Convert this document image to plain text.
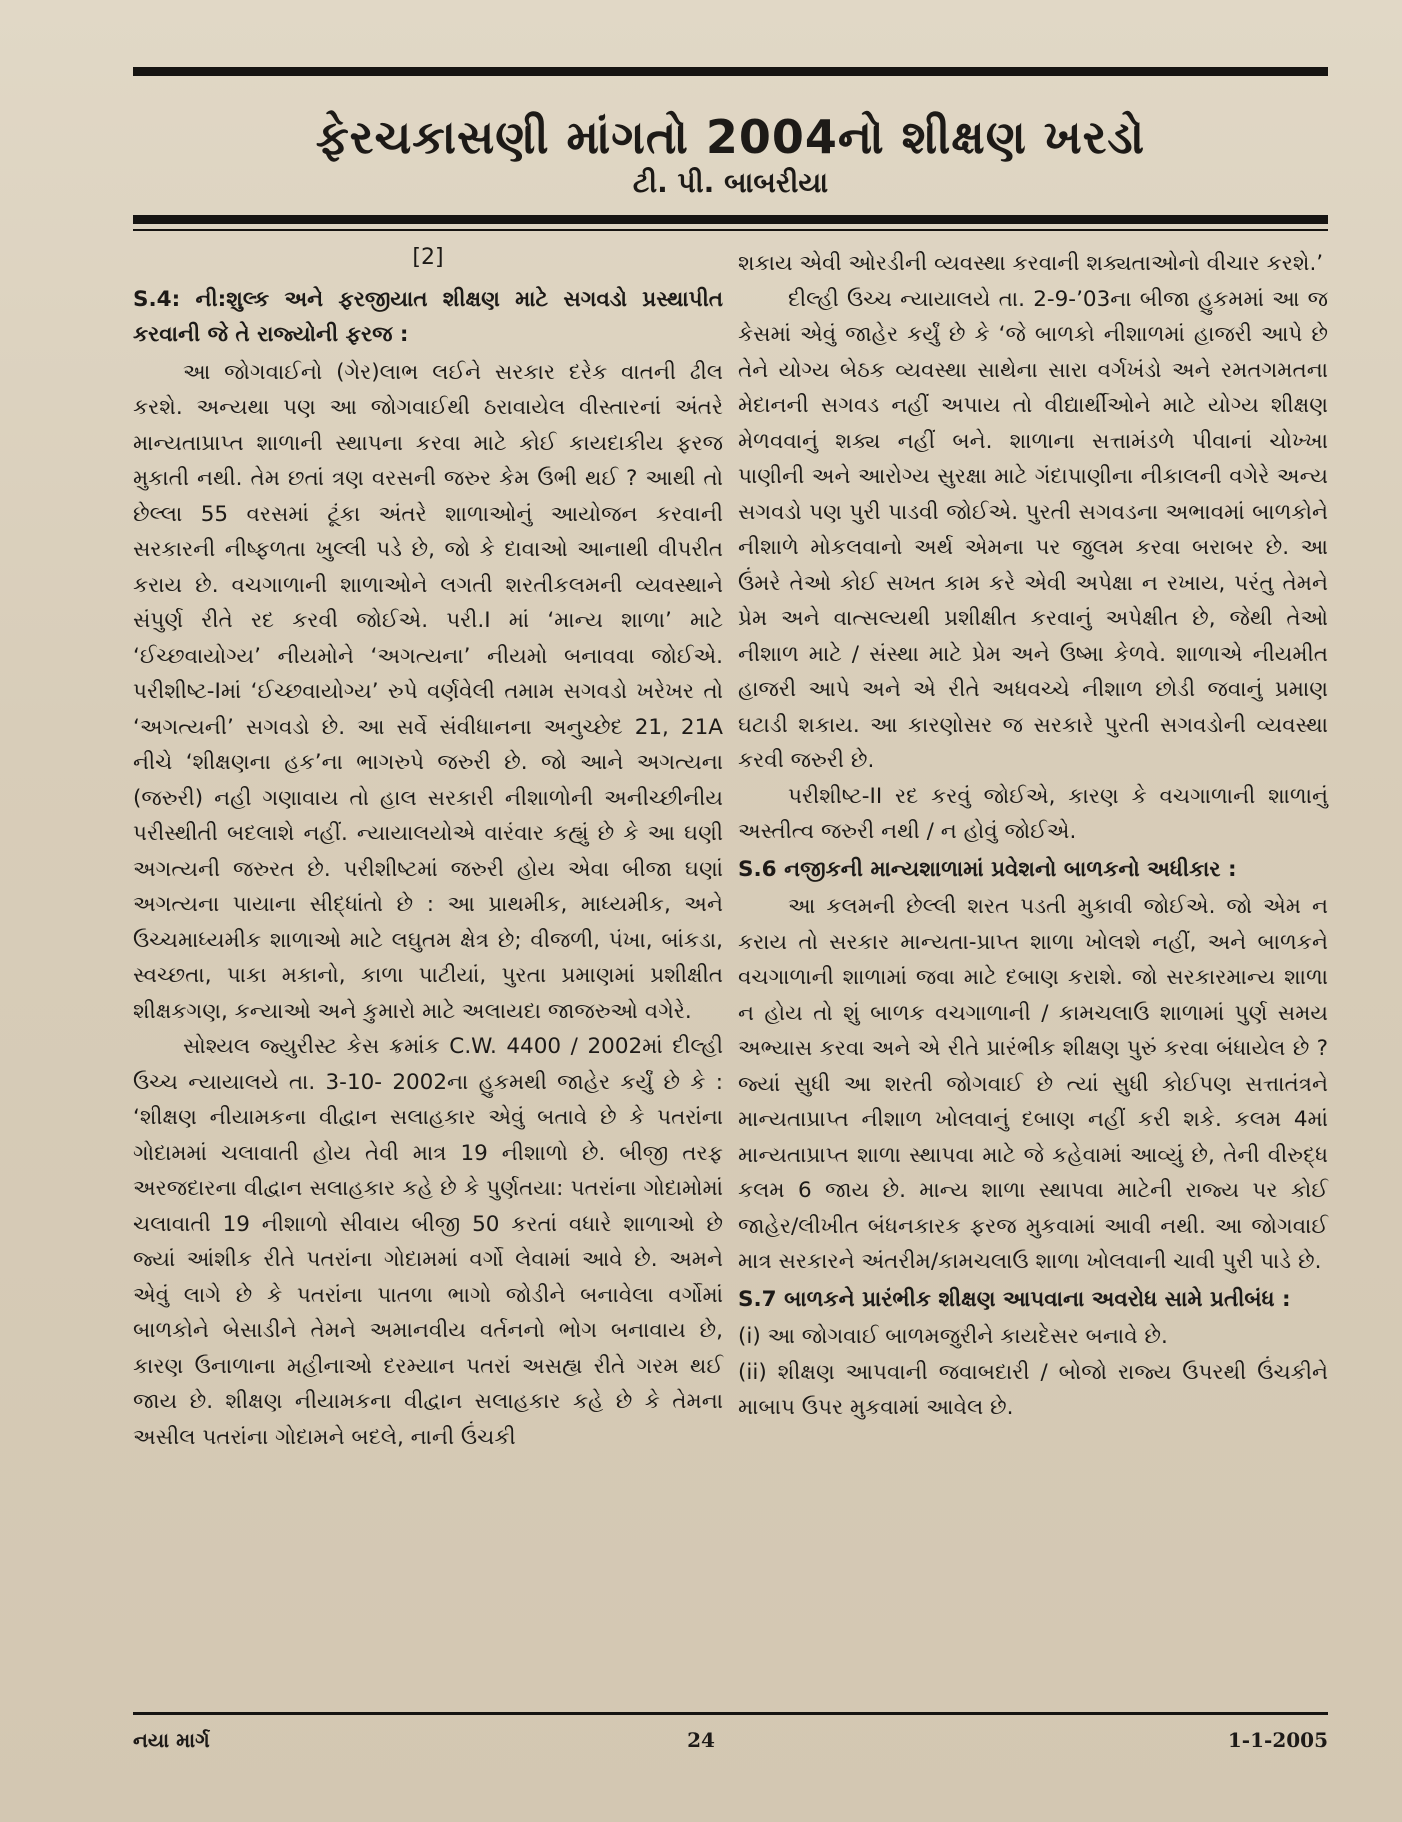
ફેરચકાસણી માંગતો 2004નો શીક્ષણ ખરડો
ટી. પી. બાબરીયા
[2]
S.4: ની:શુલ્ક અને ફરજીયાત શીક્ષણ માટે સગવડો પ્રસ્થાપીત કરવાની જે તે રાજ્યોની ફરજ :

આ જોગવાઈનો (ગેર)લાભ લઈને સરકાર દરેક વાતની ઢીલ કરશે. અન્યથા પણ આ જોગવાઈથી ઠરાવાયેલ વીસ્તારનાં અંતરે માન્યતાપ્રાપ્ત શાળાની સ્થાપના કરવા માટે કોઈ કાયદાકીય ફરજ મુકાતી નથી. તેમ છતાં ત્રણ વરસની જરુર કેમ ઉભી થઈ ? આથી તો છેલ્લા 55 વરસમાં ટૂંકા અંતરે શાળાઓનું આયોજન કરવાની સરકારની નીષ્ફળતા ખુલ્લી પડે છે, જો કે દાવાઓ આનાથી વીપરીત કરાય છે. વચગાળાની શાળાઓને લગતી શરતીકલમની વ્યવસ્થાને સંપુર્ણ રીતે રદ કરવી જોઈએ. પરી.I માં ‘માન્ય શાળા’ માટે ‘ઈચ્છવાયોગ્ય’ નીયમોને ‘અગત્યના’ નીયમો બનાવવા જોઈએ. પરીશીષ્ટ-Iમાં ‘ઈચ્છવાયોગ્ય’ રુપે વર્ણવેલી તમામ સગવડો ખરેખર તો ‘અગત્યની’ સગવડો છે. આ સર્વે સંવીધાનના અનુચ્છેદ 21, 21A નીચે ‘શીક્ષણના હક’ના ભાગરુપે જરુરી છે. જો આને અગત્યના (જરુરી) નહી ગણાવાય તો હાલ સરકારી નીશાળોની અનીચ્છીનીય પરીસ્થીતી બદલાશે નહીં. ન્યાયાલયોએ વારંવાર કહ્યું છે કે આ ઘણી અગત્યની જરુરત છે. પરીશીષ્ટમાં જરુરી હોય એવા બીજા ઘણાં અગત્યના પાયાના સીદ્ધાંતો છે : આ પ્રાથમીક, માધ્યમીક, અને ઉચ્ચમાધ્યમીક શાળાઓ માટે લઘુતમ ક્ષેત્ર છે; વીજળી, પંખા, બાંકડા, સ્વચ્છતા, પાકા મકાનો, કાળા પાટીયાં, પુરતા પ્રમાણમાં પ્રશીક્ષીત શીક્ષકગણ, કન્યાઓ અને કુમારો માટે અલાયદા જાજરુઓ વગેરે.

સોશ્યલ જ્યુરીસ્ટ કેસ ક્રમાંક C.W. 4400 / 2002માં દીલ્હી ઉચ્ચ ન્યાયાલયે તા. 3-10- 2002ના હુકમથી જાહેર કર્યું છે કે : ‘શીક્ષણ નીયામકના વીદ્વાન સલાહકાર એવું બતાવે છે કે પતરાંના ગોદામમાં ચલાવાતી હોય તેવી માત્ર 19 નીશાળો છે. બીજી તરફ અરજદારના વીદ્વાન સલાહકાર કહે છે કે પુર્ણતયા: પતરાંના ગોદામોમાં ચલાવાતી 19 નીશાળો સીવાય બીજી 50 કરતાં વધારે શાળાઓ છે જ્યાં આંશીક રીતે પતરાંના ગોદામમાં વર્ગો લેવામાં આવે છે. અમને એવું લાગે છે કે પતરાંના પાતળા ભાગો જોડીને બનાવેલા વર્ગોમાં બાળકોને બેસાડીને તેમને અમાનવીય વર્તનનો ભોગ બનાવાય છે, કારણ ઉનાળાના મહીનાઓ દરમ્યાન પતરાં અસહ્ય રીતે ગરમ થઈ જાય છે. શીક્ષણ નીયામકના વીદ્વાન સલાહકાર કહે છે કે તેમના અસીલ પતરાંના ગોદામને બદલે, નાની ઉંચકી

શકાય એવી ઓરડીની વ્યવસ્થા કરવાની શક્યતાઓનો વીચાર કરશે.’

દીલ્હી ઉચ્ચ ન્યાયાલયે તા. 2-9-’03ના બીજા હુકમમાં આ જ કેસમાં એવું જાહેર કર્યું છે કે ‘જે બાળકો નીશાળમાં હાજરી આપે છે તેને યોગ્ય બેઠક વ્યવસ્થા સાથેના સારા વર્ગખંડો અને રમતગમતના મેદાનની સગવડ નહીં અપાય તો વીદ્યાર્થીઓને માટે યોગ્ય શીક્ષણ મેળવવાનું શક્ય નહીં બને. શાળાના સત્તામંડળે પીવાનાં ચોખ્ખા પાણીની અને આરોગ્ય સુરક્ષા માટે ગંદાપાણીના નીકાલની વગેરે અન્ય સગવડો પણ પુરી પાડવી જોઈએ. પુરતી સગવડના અભાવમાં બાળકોને નીશાળે મોકલવાનો અર્થ એમના પર જુલમ કરવા બરાબર છે. આ ઉંમરે તેઓ કોઈ સખત કામ કરે એવી અપેક્ષા ન રખાય, પરંતુ તેમને પ્રેમ અને વાત્સલ્યથી પ્રશીક્ષીત કરવાનું અપેક્ષીત છે, જેથી તેઓ નીશાળ માટે / સંસ્થા માટે પ્રેમ અને ઉષ્મા કેળવે. શાળાએ નીયમીત હાજરી આપે અને એ રીતે અધવચ્ચે નીશાળ છોડી જવાનું પ્રમાણ ઘટાડી શકાય. આ કારણોસર જ સરકારે પુરતી સગવડોની વ્યવસ્થા કરવી જરુરી છે.

પરીશીષ્ટ-II રદ કરવું જોઈએ, કારણ કે વચગાળાની શાળાનું અસ્તીત્વ જરુરી નથી / ન હોવું જોઈએ.

S.6 નજીકની માન્યશાળામાં પ્રવેશનો બાળકનો અધીકાર :

આ કલમની છેલ્લી શરત પડતી મુકાવી જોઈએ. જો એમ ન કરાય તો સરકાર માન્યતા-પ્રાપ્ત શાળા ખોલશે નહીં, અને બાળકને વચગાળાની શાળામાં જવા માટે દબાણ કરાશે. જો સરકારમાન્ય શાળા ન હોય તો શું બાળક વચગાળાની / કામચલાઉ શાળામાં પુર્ણ સમય અભ્યાસ કરવા અને એ રીતે પ્રારંભીક શીક્ષણ પુરું કરવા બંધાયેલ છે ? જ્યાં સુધી આ શરતી જોગવાઈ છે ત્યાં સુધી કોઈપણ સત્તાતંત્રને માન્યતાપ્રાપ્ત નીશાળ ખોલવાનું દબાણ નહીં કરી શકે. કલમ 4માં માન્યતાપ્રાપ્ત શાળા સ્થાપવા માટે જે કહેવામાં આવ્યું છે, તેની વીરુદ્ધ કલમ 6 જાય છે. માન્ય શાળા સ્થાપવા માટેની રાજ્ય પર કોઈ જાહેર/લીખીત બંધનકારક ફરજ મુકવામાં આવી નથી. આ જોગવાઈ માત્ર સરકારને અંતરીમ/કામચલાઉ શાળા ખોલવાની ચાવી પુરી પાડે છે.

S.7 બાળકને પ્રારંભીક શીક્ષણ આપવાના અવરોધ સામે પ્રતીબંધ :
(i) આ જોગવાઈ બાળમજુરીને કાયદેસર બનાવે છે.
(ii) શીક્ષણ આપવાની જવાબદારી / બોજો રાજ્ય ઉપરથી ઉંચકીને માબાપ ઉપર મુકવામાં આવેલ છે.
નયા માર્ગ	24	1-1-2005
